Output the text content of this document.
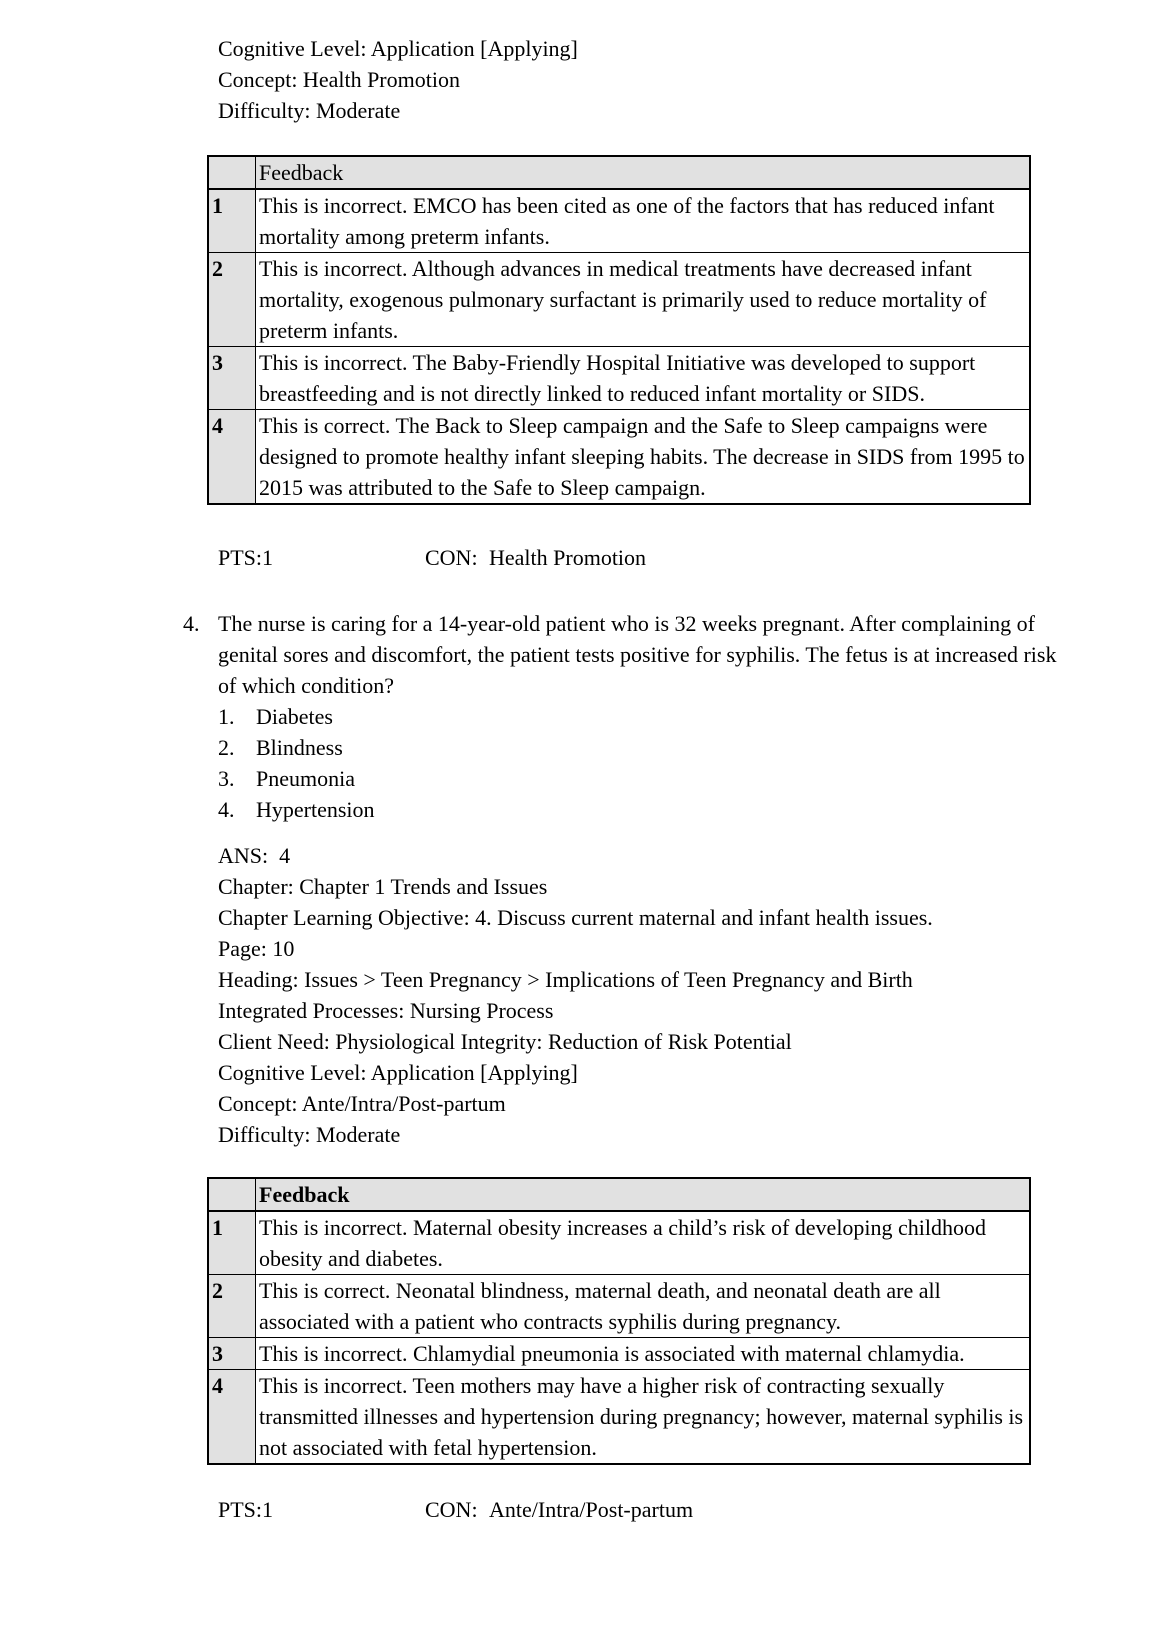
Cognitive Level: Application [Applying]
Concept: Health Promotion
Difficulty: Moderate
	Feedback
1	This is incorrect. EMCO has been cited as one of the factors that has reduced infant mortality among preterm infants.
2	This is incorrect. Although advances in medical treatments have decreased infant mortality, exogenous pulmonary surfactant is primarily used to reduce mortality of preterm infants.
3	This is incorrect. The Baby-Friendly Hospital Initiative was developed to support breastfeeding and is not directly linked to reduced infant mortality or SIDS.
4	This is correct. The Back to Sleep campaign and the Safe to Sleep campaigns were designed to promote healthy infant sleeping habits. The decrease in SIDS from 1995 to 2015 was attributed to the Safe to Sleep campaign.
PTS:1	CON: Health Promotion
4. The nurse is caring for a 14-year-old patient who is 32 weeks pregnant. After complaining of genital sores and discomfort, the patient tests positive for syphilis. The fetus is at increased risk of which condition?
1. Diabetes
2. Blindness
3. Pneumonia
4. Hypertension
ANS:  4
Chapter: Chapter 1 Trends and Issues
Chapter Learning Objective: 4. Discuss current maternal and infant health issues.
Page: 10
Heading: Issues > Teen Pregnancy > Implications of Teen Pregnancy and Birth
Integrated Processes: Nursing Process
Client Need: Physiological Integrity: Reduction of Risk Potential
Cognitive Level: Application [Applying]
Concept: Ante/Intra/Post-partum
Difficulty: Moderate
	Feedback
1	This is incorrect. Maternal obesity increases a child’s risk of developing childhood obesity and diabetes.
2	This is correct. Neonatal blindness, maternal death, and neonatal death are all associated with a patient who contracts syphilis during pregnancy.
3	This is incorrect. Chlamydial pneumonia is associated with maternal chlamydia.
4	This is incorrect. Teen mothers may have a higher risk of contracting sexually transmitted illnesses and hypertension during pregnancy; however, maternal syphilis is not associated with fetal hypertension.
PTS:1	CON: Ante/Intra/Post-partum
